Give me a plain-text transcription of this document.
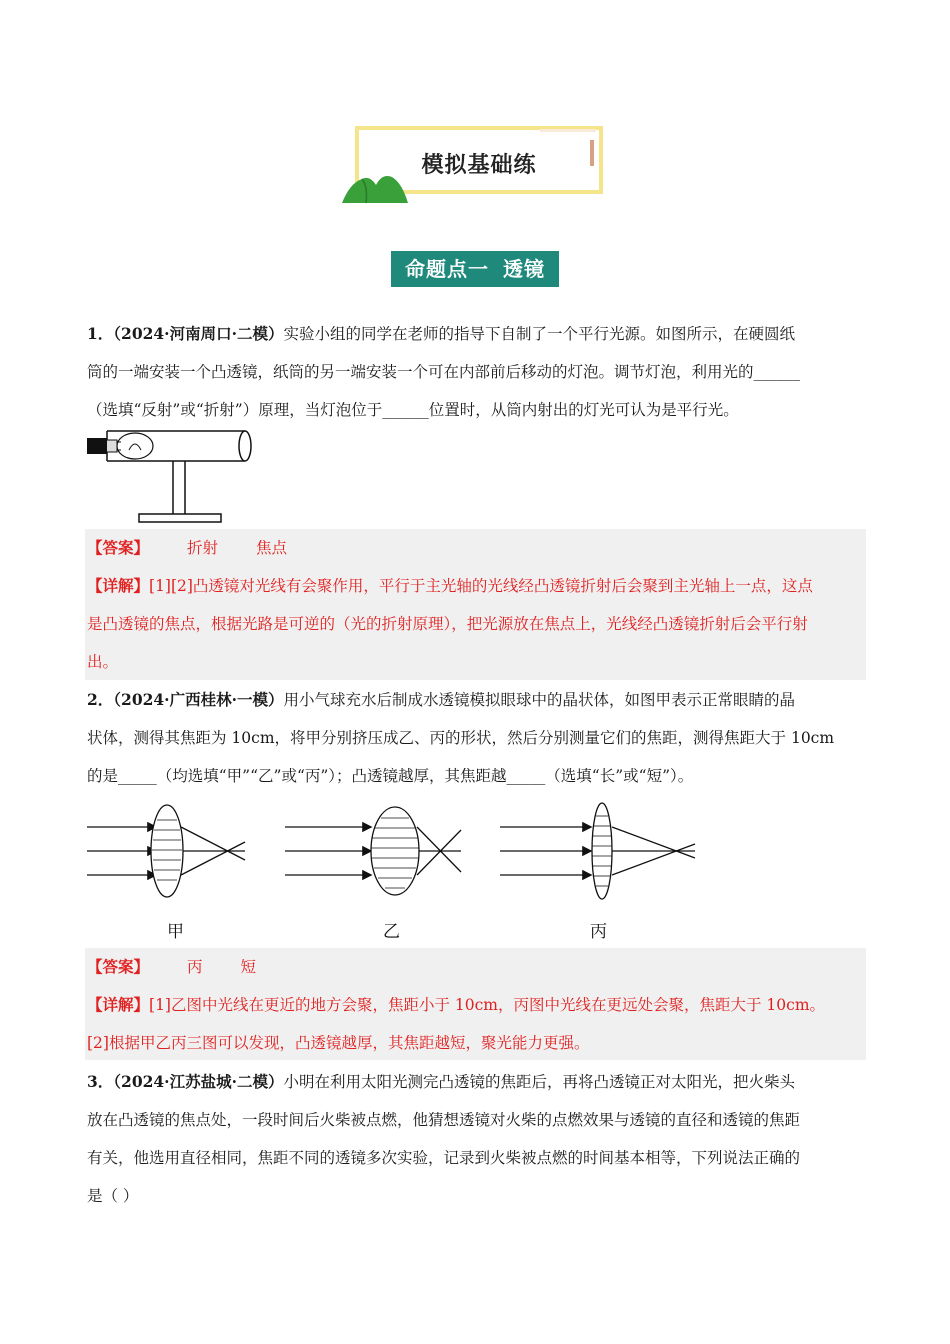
模拟基础练
命题点一 透镜
1．（2024·河南周口·二模）实验小组的同学在老师的指导下自制了一个平行光源。如图所示，在硬圆纸
筒的一端安装一个凸透镜，纸筒的另一端安装一个可在内部前后移动的灯泡。调节灯泡，利用光的______
（选填“反射”或“折射”）原理，当灯泡位于______位置时，从筒内射出的灯光可认为是平行光。
【答案】 折射 焦点
【详解】[1][2]凸透镜对光线有会聚作用，平行于主光轴的光线经凸透镜折射后会聚到主光轴上一点，这点
是凸透镜的焦点，根据光路是可逆的（光的折射原理），把光源放在焦点上，光线经凸透镜折射后会平行射
出。
2．（2024·广西桂林·一模）用小气球充水后制成水透镜模拟眼球中的晶状体，如图甲表示正常眼睛的晶
状体，测得其焦距为 10cm，将甲分别挤压成乙、丙的形状，然后分别测量它们的焦距，测得焦距大于 10cm
的是_____（均选填“甲”“乙”或“丙”）；凸透镜越厚，其焦距越_____（选填“长”或“短”）。
甲	乙	丙
【答案】 丙 短
【详解】[1]乙图中光线在更近的地方会聚，焦距小于 10cm，丙图中光线在更远处会聚，焦距大于 10cm。
[2]根据甲乙丙三图可以发现，凸透镜越厚，其焦距越短，聚光能力更强。
3．（2024·江苏盐城·二模）小明在利用太阳光测完凸透镜的焦距后，再将凸透镜正对太阳光，把火柴头
放在凸透镜的焦点处，一段时间后火柴被点燃，他猜想透镜对火柴的点燃效果与透镜的直径和透镜的焦距
有关，他选用直径相同，焦距不同的透镜多次实验，记录到火柴被点燃的时间基本相等，下列说法正确的
是（ ）
